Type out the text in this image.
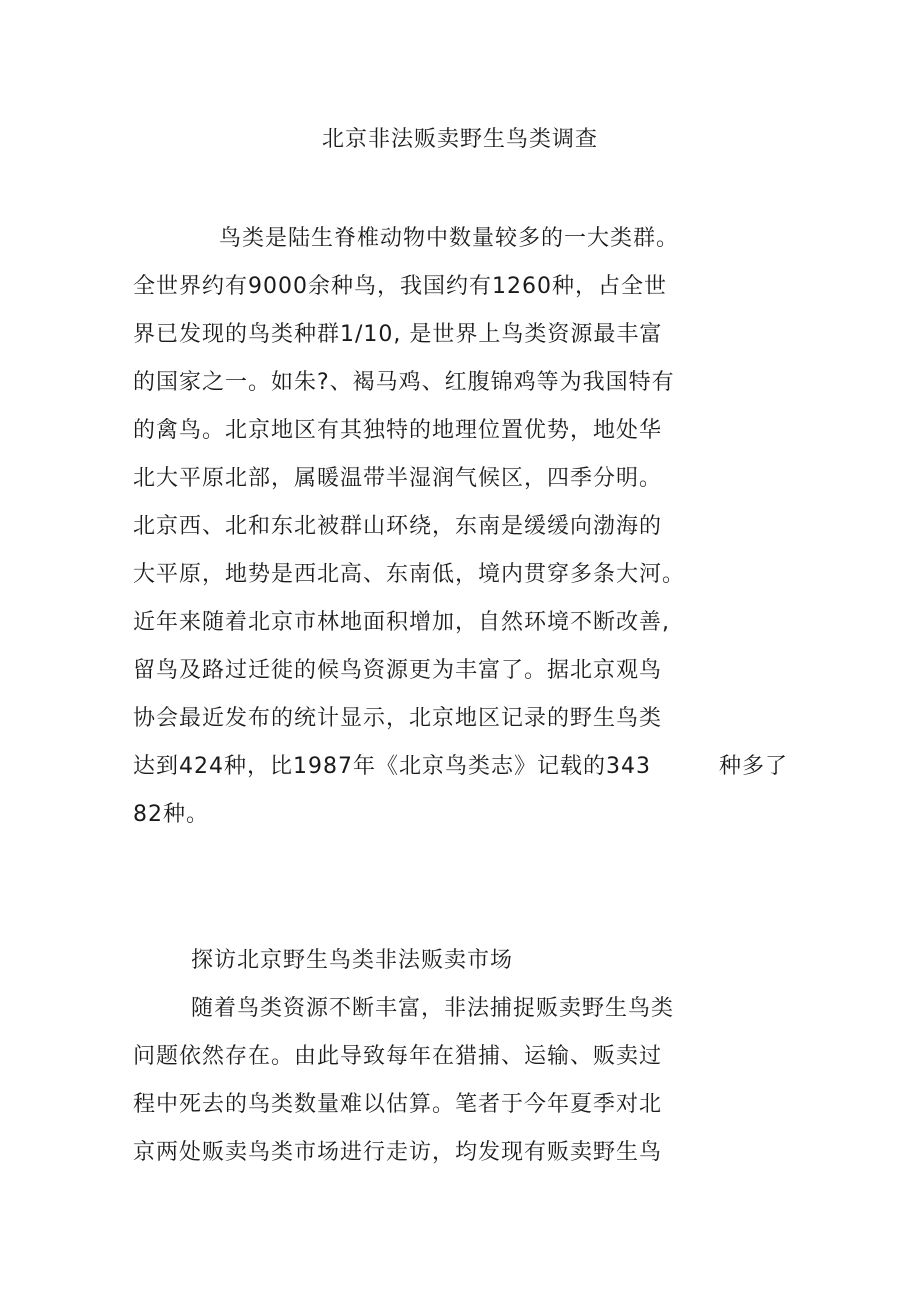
北京非法贩卖野生鸟类调查
鸟类是陆生脊椎动物中数量较多的一大类群。
全世界约有9000余种鸟，我国约有1260种，占全世
界已发现的鸟类种群1/10, 是世界上鸟类资源最丰富
的国家之一。如朱?、褐马鸡、红腹锦鸡等为我国特有
的禽鸟。北京地区有其独特的地理位置优势，地处华
北大平原北部，属暖温带半湿润气候区，四季分明。
北京西、北和东北被群山环绕，东南是缓缓向渤海的
大平原，地势是西北高、东南低，境内贯穿多条大河。
近年来随着北京市林地面积增加，自然环境不断改善,
留鸟及路过迁徙的候鸟资源更为丰富了。据北京观鸟
协会最近发布的统计显示，北京地区记录的野生鸟类
达到424种，比1987年《北京鸟类志》记载的343	种多了
82种。
探访北京野生鸟类非法贩卖市场
随着鸟类资源不断丰富，非法捕捉贩卖野生鸟类
问题依然存在。由此导致每年在猎捕、运输、贩卖过
程中死去的鸟类数量难以估算。笔者于今年夏季对北
京两处贩卖鸟类市场进行走访，均发现有贩卖野生鸟
